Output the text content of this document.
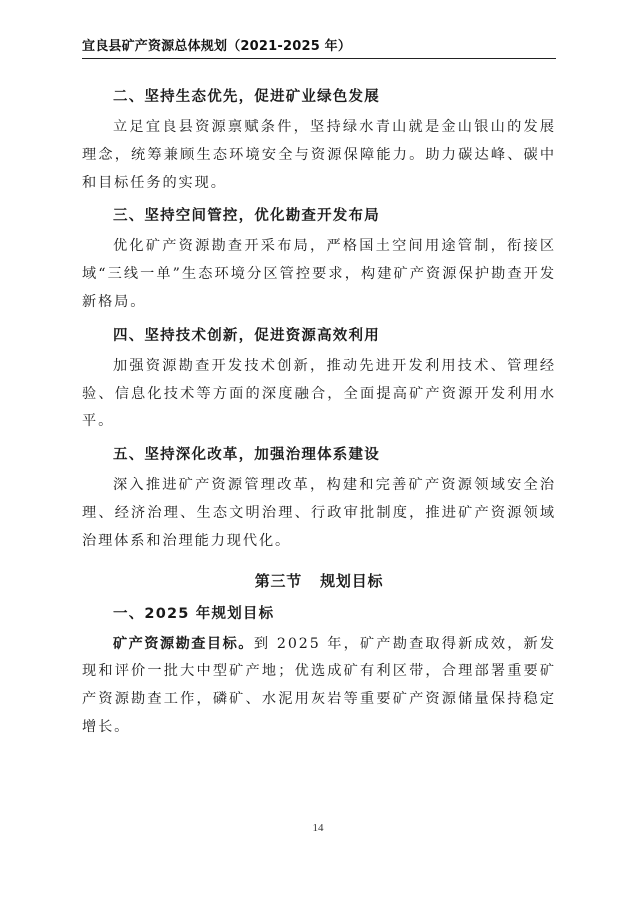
宜良县矿产资源总体规划（2021-2025 年）
二、坚持生态优先，促进矿业绿色发展
立足宜良县资源禀赋条件，坚持绿水青山就是金山银山的发展理念，统筹兼顾生态环境安全与资源保障能力。助力碳达峰、碳中和目标任务的实现。
三、坚持空间管控，优化勘查开发布局
优化矿产资源勘查开采布局，严格国土空间用途管制，衔接区域“三线一单”生态环境分区管控要求，构建矿产资源保护勘查开发新格局。
四、坚持技术创新，促进资源高效利用
加强资源勘查开发技术创新，推动先进开发利用技术、管理经验、信息化技术等方面的深度融合，全面提高矿产资源开发利用水平。
五、坚持深化改革，加强治理体系建设
深入推进矿产资源管理改革，构建和完善矿产资源领域安全治理、经济治理、生态文明治理、行政审批制度，推进矿产资源领域治理体系和治理能力现代化。
第三节 规划目标
一、2025 年规划目标
矿产资源勘查目标。到 2025 年，矿产勘查取得新成效，新发现和评价一批大中型矿产地；优选成矿有利区带，合理部署重要矿产资源勘查工作，磷矿、水泥用灰岩等重要矿产资源储量保持稳定增长。
14
